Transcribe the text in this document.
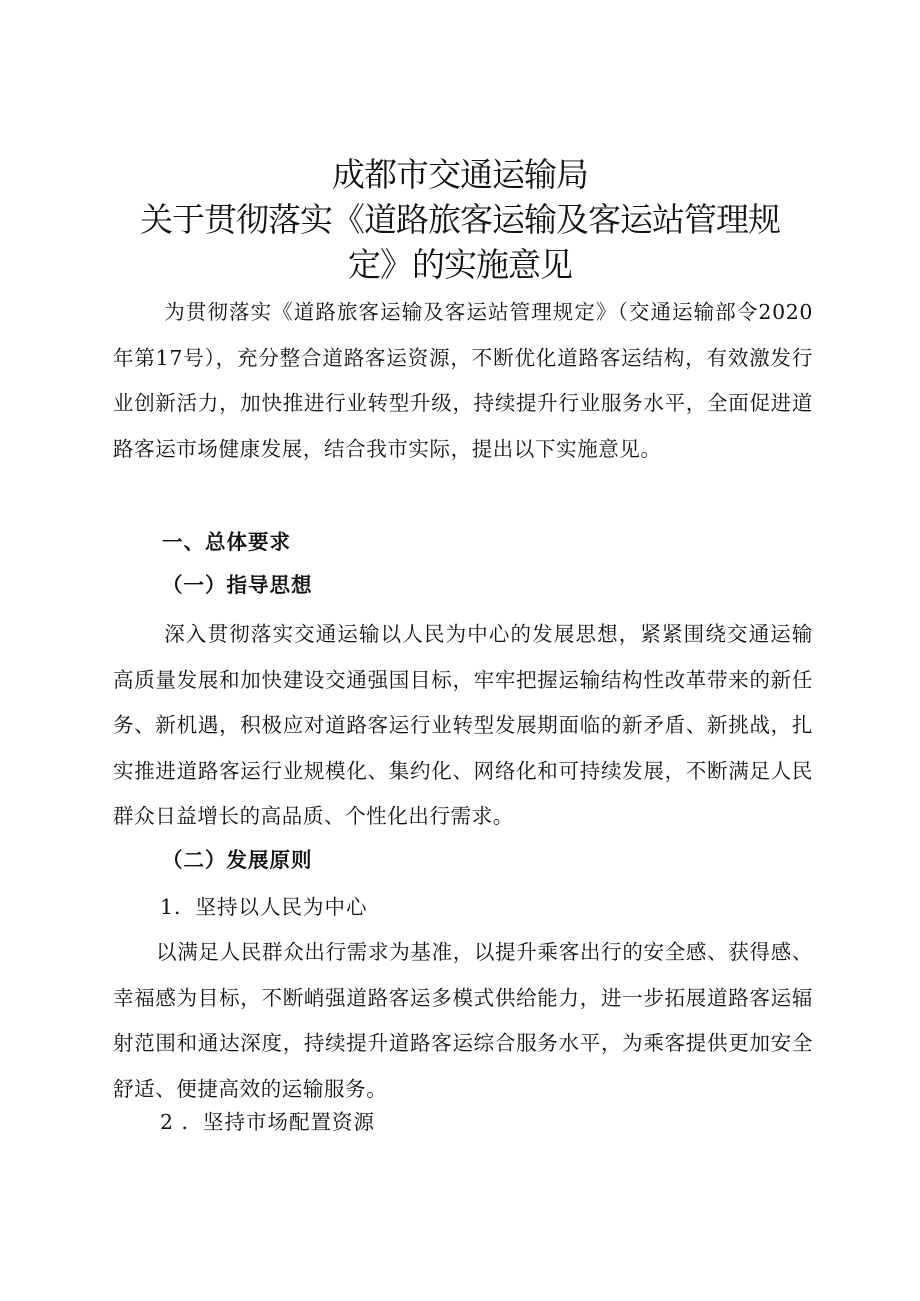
成都市交通运输局
关于贯彻落实《道路旅客运输及客运站管理规
定》的实施意见

为贯彻落实《道路旅客运输及客运站管理规定》（交通运输部令2020年第17号），充分整合道路客运资源，不断优化道路客运结构，有效激发行业创新活力，加快推进行业转型升级，持续提升行业服务水平，全面促进道路客运市场健康发展，结合我市实际，提出以下实施意见。

一、总体要求
（一）指导思想

深入贯彻落实交通运输以人民为中心的发展思想，紧紧围绕交通运输高质量发展和加快建设交通强国目标，牢牢把握运输结构性改革带来的新任务、新机遇，积极应对道路客运行业转型发展期面临的新矛盾、新挑战，扎实推进道路客运行业规模化、集约化、网络化和可持续发展，不断满足人民群众日益增长的高品质、个性化出行需求。

（二）发展原则
1．坚持以人民为中心

以满足人民群众出行需求为基准，以提升乘客出行的安全感、获得感、幸福感为目标，不断峭强道路客运多模式供给能力，进一步拓展道路客运辐射范围和通达深度，持续提升道路客运综合服务水平，为乘客提供更加安全舒适、便捷高效的运输服务。

2 ．坚持市场配置资源
